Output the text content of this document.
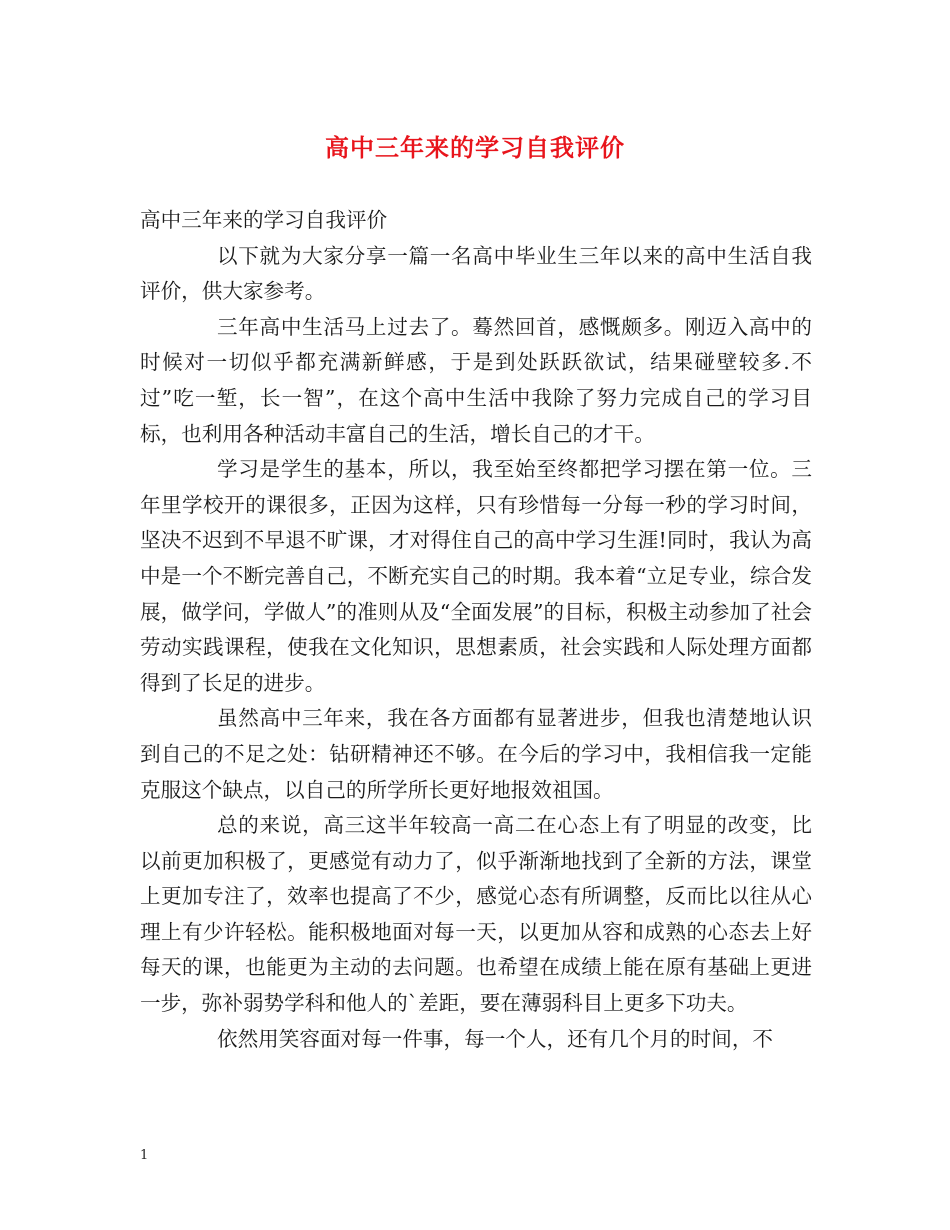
高中三年来的学习自我评价

高中三年来的学习自我评价

以下就为大家分享一篇一名高中毕业生三年以来的高中生活自我评价，供大家参考。

三年高中生活马上过去了。蓦然回首，感慨颇多。刚迈入高中的时候对一切似乎都充满新鲜感，于是到处跃跃欲试，结果碰壁较多.不过”吃一堑，长一智”，在这个高中生活中我除了努力完成自己的学习目标，也利用各种活动丰富自己的生活，增长自己的才干。

学习是学生的基本，所以，我至始至终都把学习摆在第一位。三年里学校开的课很多，正因为这样，只有珍惜每一分每一秒的学习时间，坚决不迟到不早退不旷课，才对得住自己的高中学习生涯!同时，我认为高中是一个不断完善自己，不断充实自己的时期。我本着“立足专业，综合发展，做学问，学做人”的准则从及“全面发展”的目标，积极主动参加了社会劳动实践课程，使我在文化知识，思想素质，社会实践和人际处理方面都得到了长足的进步。

虽然高中三年来，我在各方面都有显著进步，但我也清楚地认识到自己的不足之处：钻研精神还不够。在今后的学习中，我相信我一定能克服这个缺点，以自己的所学所长更好地报效祖国。

总的来说，高三这半年较高一高二在心态上有了明显的改变，比以前更加积极了，更感觉有动力了，似乎渐渐地找到了全新的方法，课堂上更加专注了，效率也提高了不少，感觉心态有所调整，反而比以往从心理上有少许轻松。能积极地面对每一天，以更加从容和成熟的心态去上好每天的课，也能更为主动的去问题。也希望在成绩上能在原有基础上更进一步，弥补弱势学科和他人的`差距，要在薄弱科目上更多下功夫。

依然用笑容面对每一件事，每一个人，还有几个月的时间，不

1
